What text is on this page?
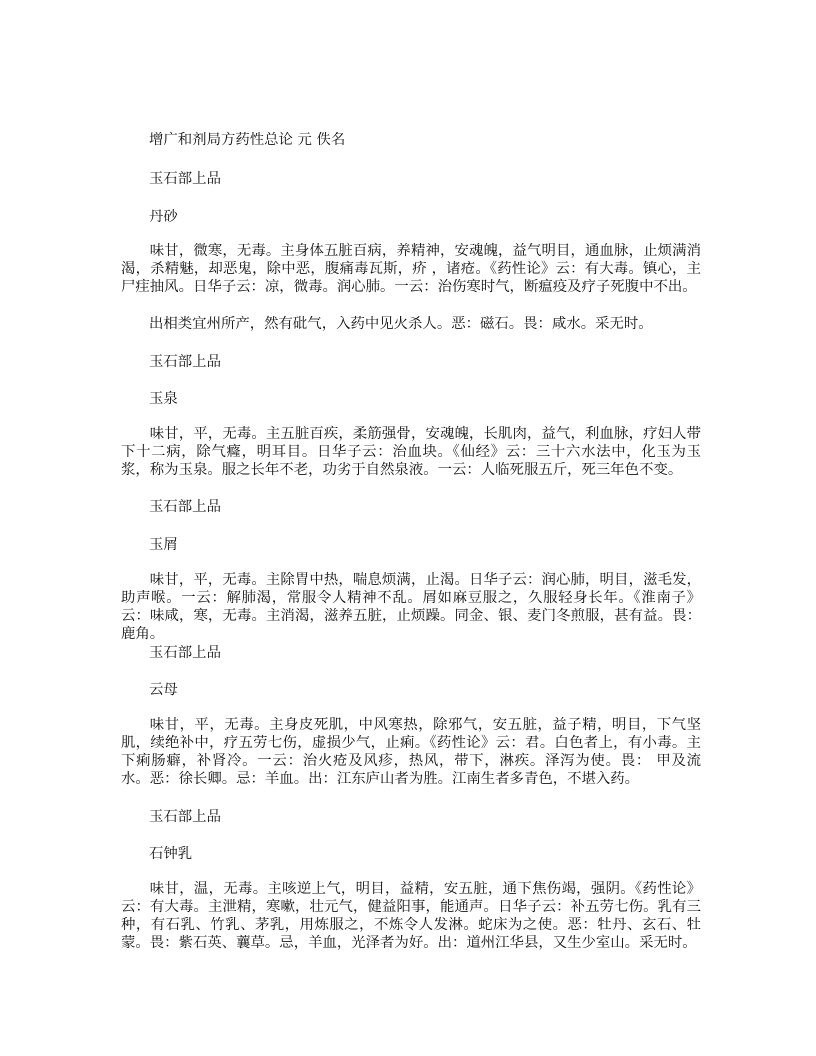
增广和剂局方药性总论 元 佚名

玉石部上品

丹砂

味甘，微寒，无毒。主身体五脏百病，养精神，安魂魄，益气明目，通血脉，止烦满消渴，杀精魅，却恶鬼，除中恶，腹痛毒瓦斯，疥 ，诸疮。《药性论》云：有大毒。镇心，主尸疰抽风。日华子云：凉，微毒。润心肺。一云：治伤寒时气，断瘟疫及疗子死腹中不出。

出相类宜州所产，然有砒气，入药中见火杀人。恶：磁石。畏：咸水。采无时。

玉石部上品

玉泉

味甘，平，无毒。主五脏百疾，柔筋强骨，安魂魄，长肌肉，益气，利血脉，疗妇人带下十二病，除气癃，明耳目。日华子云：治血块。《仙经》云：三十六水法中，化玉为玉浆，称为玉泉。服之长年不老，功劣于自然泉液。一云：人临死服五斤，死三年色不变。

玉石部上品

玉屑

味甘，平，无毒。主除胃中热，喘息烦满，止渴。日华子云：润心肺，明目，滋毛发，助声喉。一云：解肺渴，常服令人精神不乱。屑如麻豆服之，久服轻身长年。《淮南子》云：味咸，寒，无毒。主消渴，滋养五脏，止烦躁。同金、银、麦门冬煎服，甚有益。畏：鹿角。

玉石部上品

云母

味甘，平，无毒。主身皮死肌，中风寒热，除邪气，安五脏，益子精，明目，下气坚肌，续绝补中，疗五劳七伤，虚损少气，止痢。《药性论》云：君。白色者上，有小毒。主下痢肠癖，补肾冷。一云：治火疮及风疹，热风，带下，淋疾。泽泻为使。畏： 甲及流水。恶：徐长卿。忌：羊血。出：江东庐山者为胜。江南生者多青色，不堪入药。

玉石部上品

石钟乳

味甘，温，无毒。主咳逆上气，明目，益精，安五脏，通下焦伤竭，强阴。《药性论》云：有大毒。主泄精，寒嗽，壮元气，健益阳事，能通声。日华子云：补五劳七伤。乳有三种，有石乳、竹乳、茅乳，用炼服之，不炼令人发淋。蛇床为之使。恶：牡丹、玄石、牡蒙。畏：紫石英、蘘草。忌，羊血，光泽者为好。出：道州江华县，又生少室山。采无时。
